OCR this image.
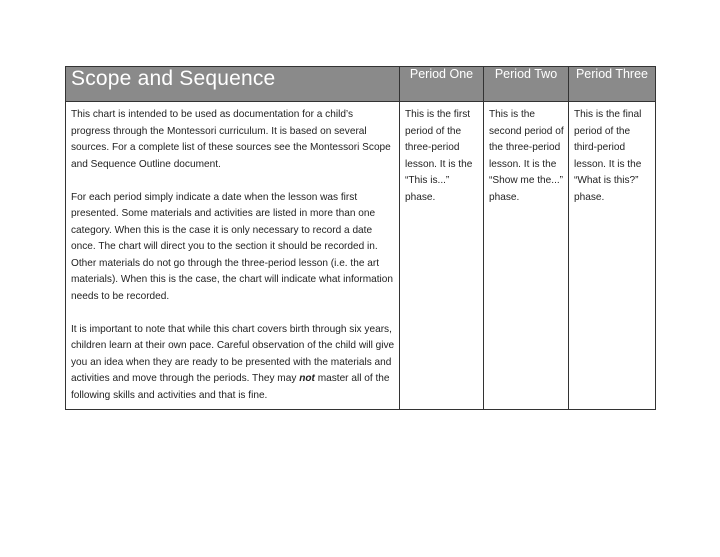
Scope and Sequence	Period One	Period Two	Period Three

This chart is intended to be used as documentation for a child’s progress through the Montessori curriculum. It is based on several sources. For a complete list of these sources see the Montessori Scope and Sequence Outline document.

For each period simply indicate a date when the lesson was first presented. Some materials and activities are listed in more than one category. When this is the case it is only necessary to record a date once. The chart will direct you to the section it should be recorded in. Other materials do not go through the three-period lesson (i.e. the art materials). When this is the case, the chart will indicate what information needs to be recorded.

It is important to note that while this chart covers birth through six years, children learn at their own pace. Careful observation of the child will give you an idea when they are ready to be presented with the materials and activities and move through the periods. They may not master all of the following skills and activities and that is fine.	This is the first period of the three-period lesson. It is the “This is...” phase.	This is the second period of the three-period lesson. It is the “Show me the...” phase.	This is the final period of the third-period lesson. It is the “What is this?” phase.
